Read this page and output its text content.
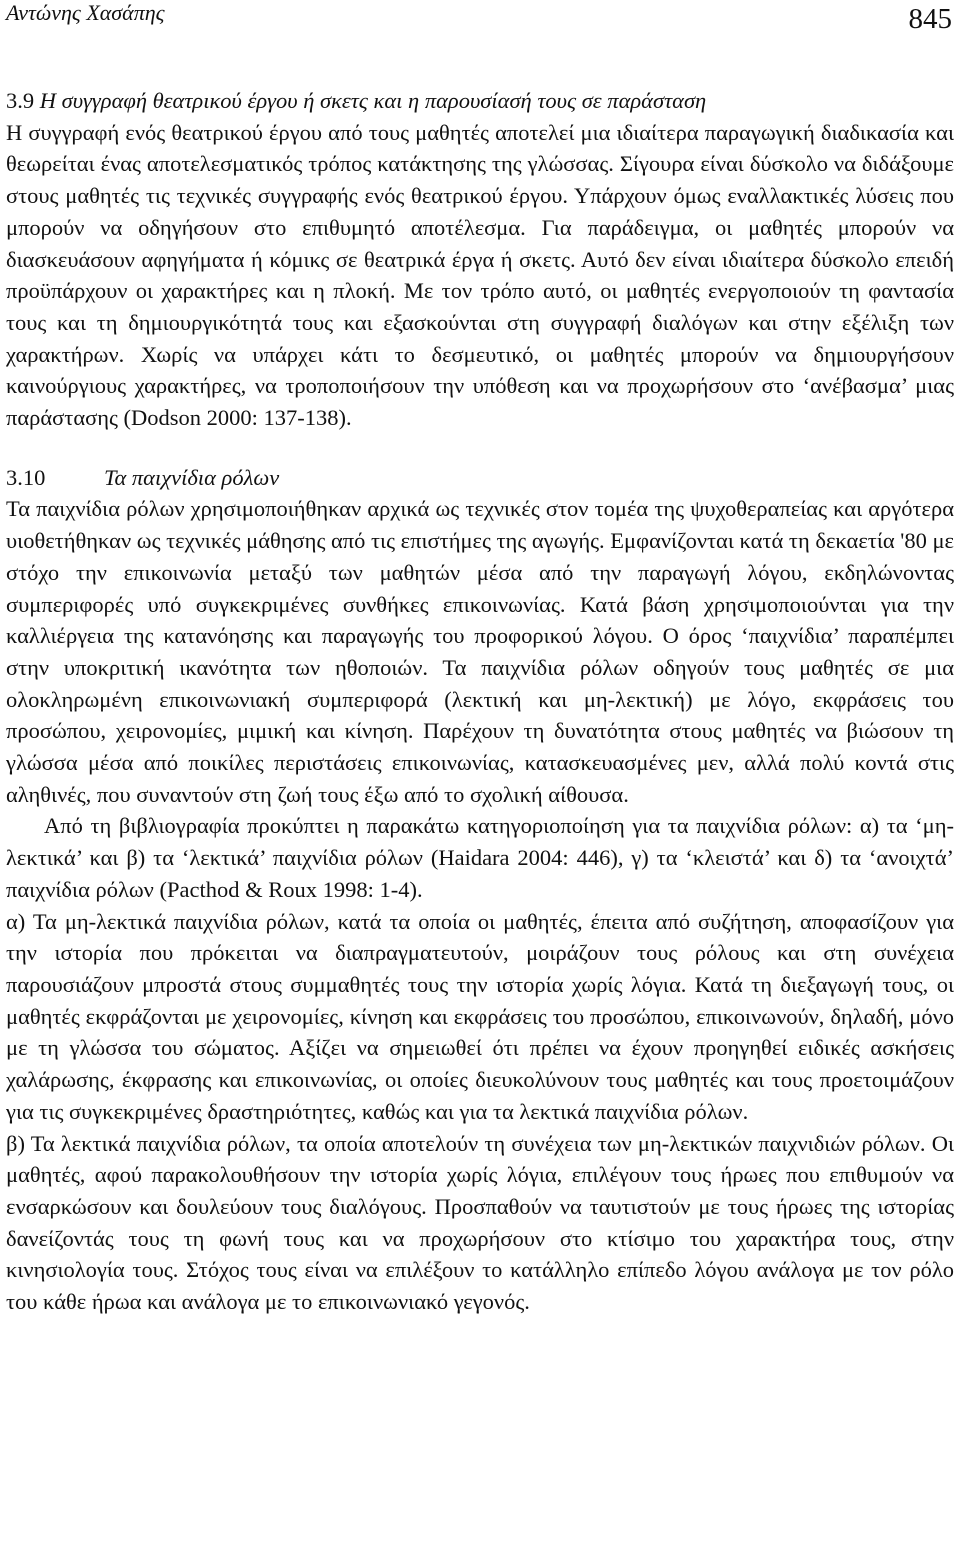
Αντώνης Χασάπης	845
3.9 Η συγγραφή θεατρικού έργου ή σκετς και η παρουσίασή τους σε παράσταση

Η συγγραφή ενός θεατρικού έργου από τους μαθητές αποτελεί μια ιδιαίτερα παραγωγική διαδικασία και θεωρείται ένας αποτελεσματικός τρόπος κατάκτησης της γλώσσας. Σίγουρα είναι δύσκολο να διδάξουμε στους μαθητές τις τεχνικές συγγραφής ενός θεατρικού έργου. Υπάρχουν όμως εναλλακτικές λύσεις που μπορούν να οδηγήσουν στο επιθυμητό αποτέλεσμα. Για παράδειγμα, οι μαθητές μπορούν να διασκευάσουν αφηγήματα ή κόμικς σε θεατρικά έργα ή σκετς. Αυτό δεν είναι ιδιαίτερα δύσκολο επειδή προϋπάρχουν οι χαρακτήρες και η πλοκή. Με τον τρόπο αυτό, οι μαθητές ενεργοποιούν τη φαντασία τους και τη δημιουργικότητά τους και εξασκούνται στη συγγραφή διαλόγων και στην εξέλιξη των χαρακτήρων. Χωρίς να υπάρχει κάτι το δεσμευτικό, οι μαθητές μπορούν να δημιουργήσουν καινούργιους χαρακτήρες, να τροποποιήσουν την υπόθεση και να προχωρήσουν στο ‘ανέβασμα’ μιας παράστασης (Dodson 2000: 137-138).

3.10	Τα παιχνίδια ρόλων

Τα παιχνίδια ρόλων χρησιμοποιήθηκαν αρχικά ως τεχνικές στον τομέα της ψυχοθεραπείας και αργότερα υιοθετήθηκαν ως τεχνικές μάθησης από τις επιστήμες της αγωγής. Εμφανίζονται κατά τη δεκαετία '80 με στόχο την επικοινωνία μεταξύ των μαθητών μέσα από την παραγωγή λόγου, εκδηλώνοντας συμπεριφορές υπό συγκεκριμένες συνθήκες επικοινωνίας. Κατά βάση χρησιμοποιούνται για την καλλιέργεια της κατανόησης και παραγωγής του προφορικού λόγου. Ο όρος ‘παιχνίδια’ παραπέμπει στην υποκριτική ικανότητα των ηθοποιών. Τα παιχνίδια ρόλων οδηγούν τους μαθητές σε μια ολοκληρωμένη επικοινωνιακή συμπεριφορά (λεκτική και μη-λεκτική) με λόγο, εκφράσεις του προσώπου, χειρονομίες, μιμική και κίνηση. Παρέχουν τη δυνατότητα στους μαθητές να βιώσουν τη γλώσσα μέσα από ποικίλες περιστάσεις επικοινωνίας, κατασκευασμένες μεν, αλλά πολύ κοντά στις αληθινές, που συναντούν στη ζωή τους έξω από το σχολική αίθουσα.

Από τη βιβλιογραφία προκύπτει η παρακάτω κατηγοριοποίηση για τα παιχνίδια ρόλων: α) τα ‘μη-λεκτικά’ και β) τα ‘λεκτικά’ παιχνίδια ρόλων (Haidara 2004: 446), γ) τα ‘κλειστά’ και δ) τα ‘ανοιχτά’ παιχνίδια ρόλων (Pacthod & Roux 1998: 1-4).

α) Τα μη-λεκτικά παιχνίδια ρόλων, κατά τα οποία οι μαθητές, έπειτα από συζήτηση, αποφασίζουν για την ιστορία που πρόκειται να διαπραγματευτούν, μοιράζουν τους ρόλους και στη συνέχεια παρουσιάζουν μπροστά στους συμμαθητές τους την ιστορία χωρίς λόγια. Κατά τη διεξαγωγή τους, οι μαθητές εκφράζονται με χειρονομίες, κίνηση και εκφράσεις του προσώπου, επικοινωνούν, δηλαδή, μόνο με τη γλώσσα του σώματος. Αξίζει να σημειωθεί ότι πρέπει να έχουν προηγηθεί ειδικές ασκήσεις χαλάρωσης, έκφρασης και επικοινωνίας, οι οποίες διευκολύνουν τους μαθητές και τους προετοιμάζουν για τις συγκεκριμένες δραστηριότητες, καθώς και για τα λεκτικά παιχνίδια ρόλων.

β) Τα λεκτικά παιχνίδια ρόλων, τα οποία αποτελούν τη συνέχεια των μη-λεκτικών παιχνιδιών ρόλων. Οι μαθητές, αφού παρακολουθήσουν την ιστορία χωρίς λόγια, επιλέγουν τους ήρωες που επιθυμούν να ενσαρκώσουν και δουλεύουν τους διαλόγους. Προσπαθούν να ταυτιστούν με τους ήρωες της ιστορίας δανείζοντάς τους τη φωνή τους και να προχωρήσουν στο κτίσιμο του χαρακτήρα τους, στην κινησιολογία τους. Στόχος τους είναι να επιλέξουν το κατάλληλο επίπεδο λόγου ανάλογα με τον ρόλο του κάθε ήρωα και ανάλογα με το επικοινωνιακό γεγονός.
